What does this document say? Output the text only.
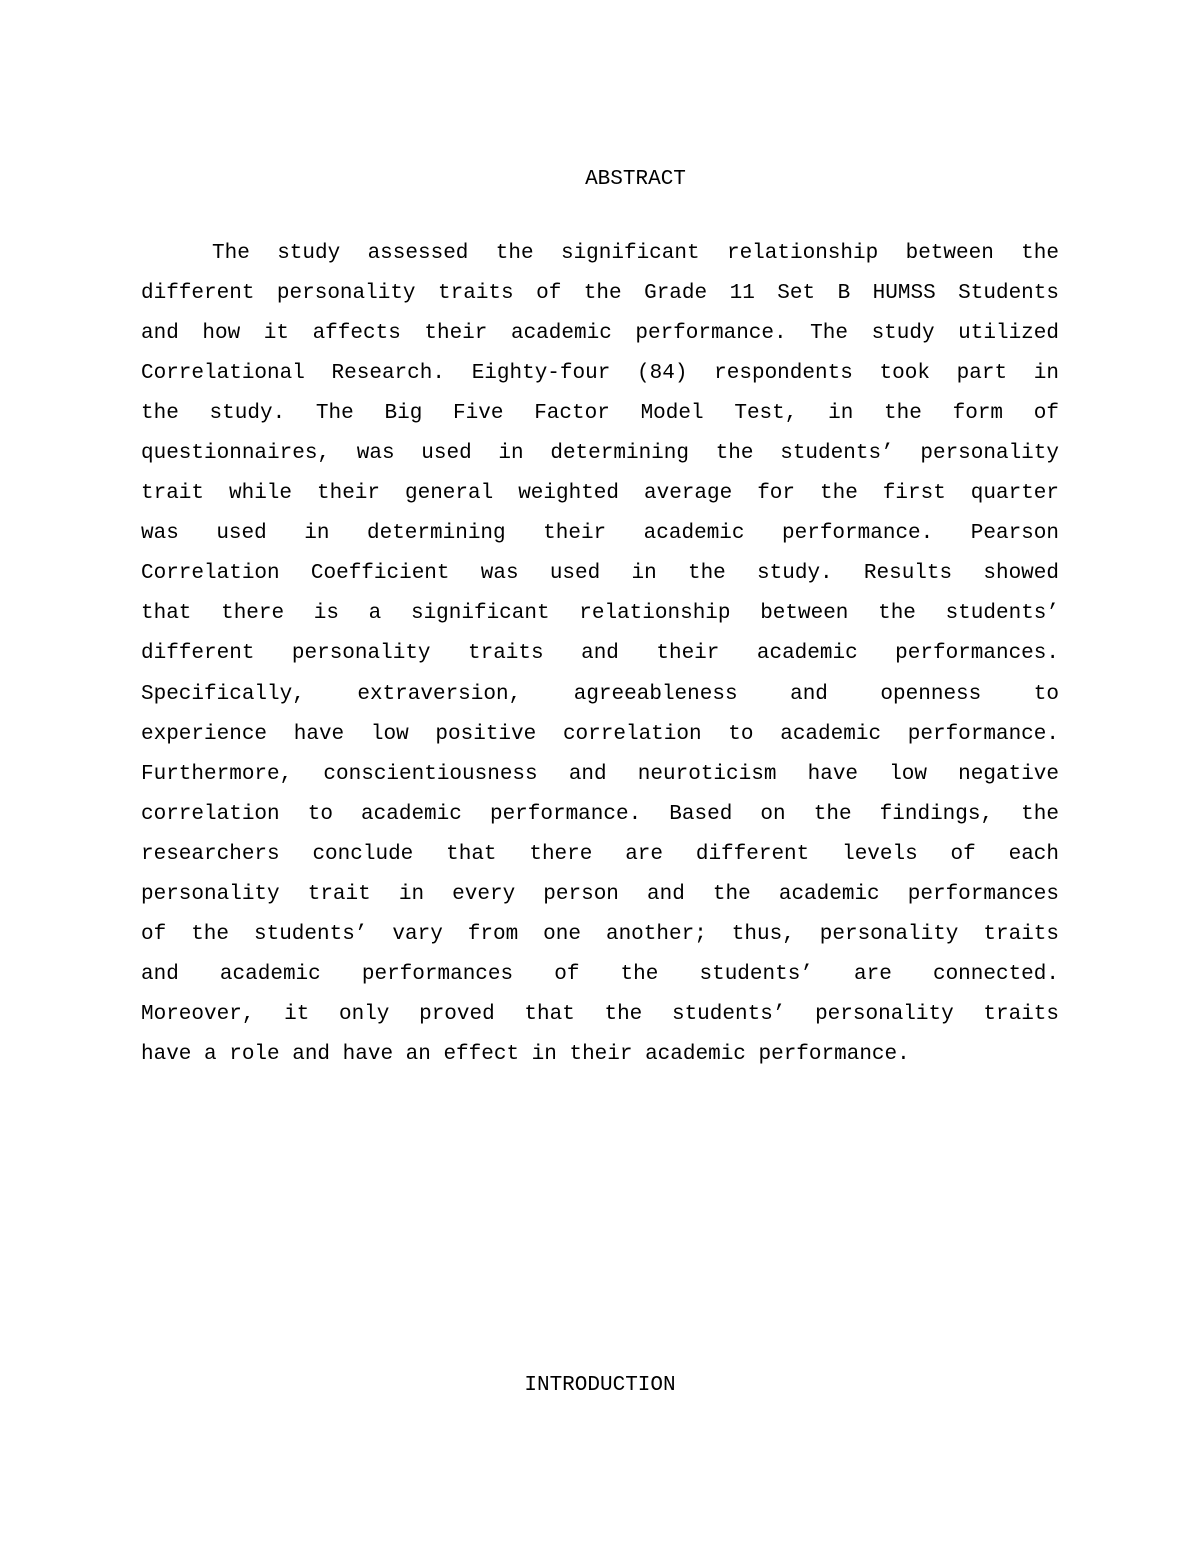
ABSTRACT
The study assessed the significant relationship between the
different personality traits of the Grade 11 Set B HUMSS Students
and how it affects their academic performance. The study utilized
Correlational Research. Eighty-four (84) respondents took part in
the study. The Big Five Factor Model Test, in the form of
questionnaires, was used in determining the students’ personality
trait while their general weighted average for the first quarter
was used in determining their academic performance. Pearson
Correlation Coefficient was used in the study. Results showed
that there is a significant relationship between the students’
different personality traits and their academic performances.
Specifically, extraversion, agreeableness and openness to
experience have low positive correlation to academic performance.
Furthermore, conscientiousness and neuroticism have low negative
correlation to academic performance. Based on the findings, the
researchers conclude that there are different levels of each
personality trait in every person and the academic performances
of the students’ vary from one another; thus, personality traits
and academic performances of the students’ are connected.
Moreover, it only proved that the students’ personality traits
have a role and have an effect in their academic performance.
INTRODUCTION
